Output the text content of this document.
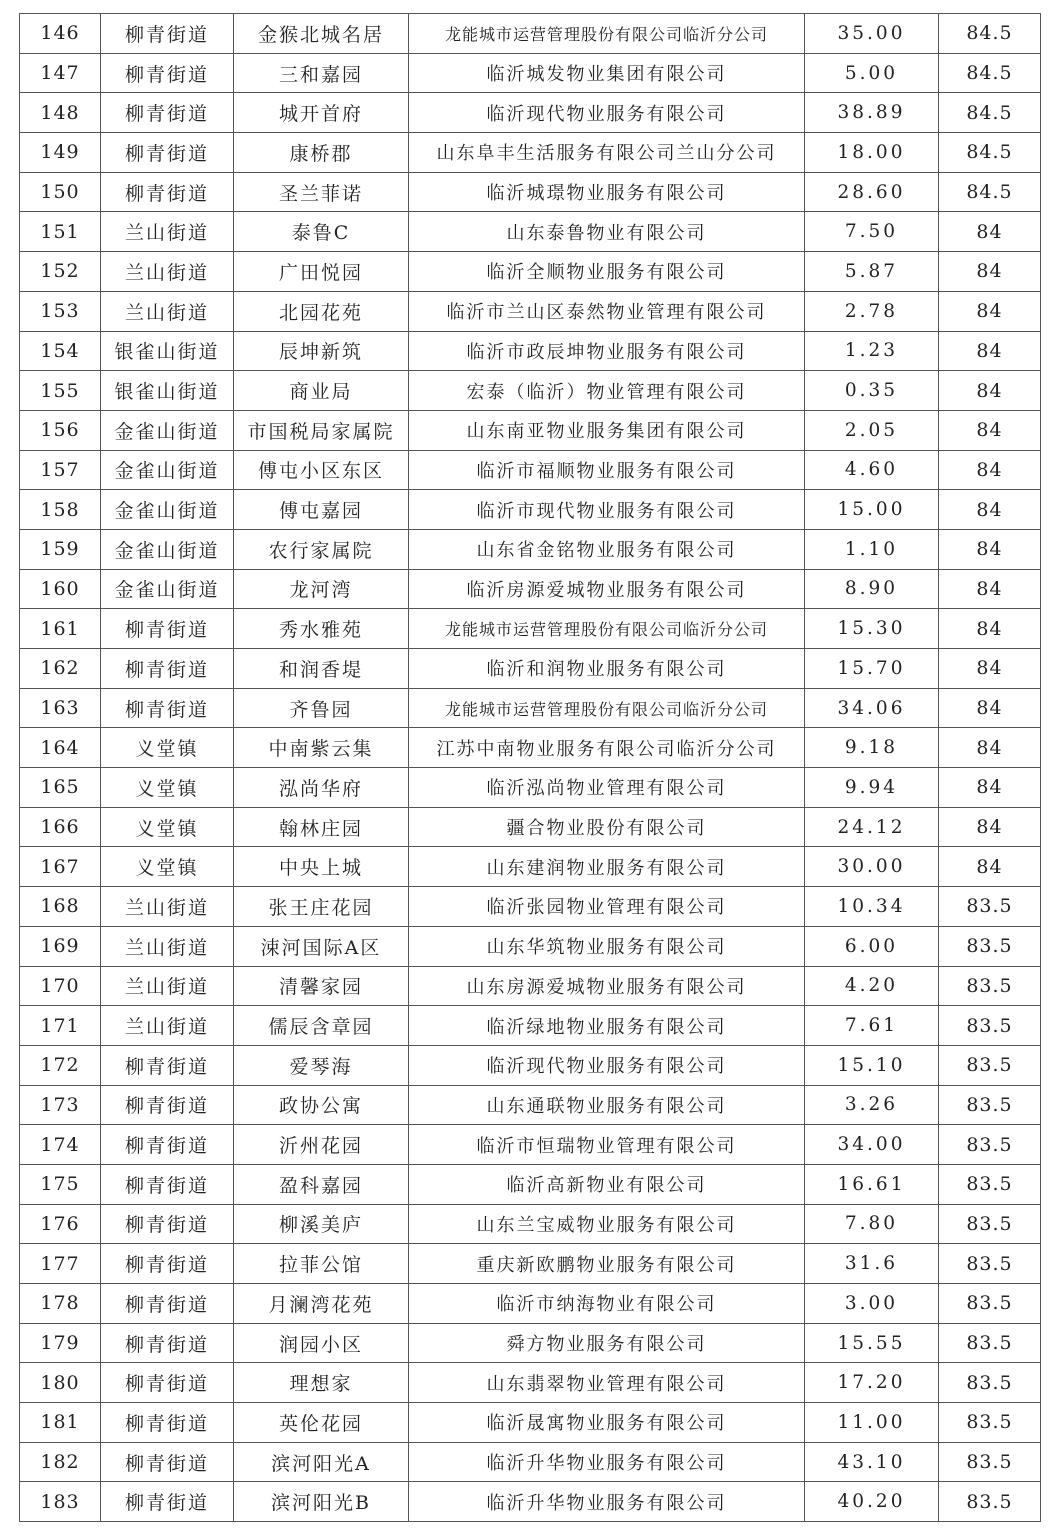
146	柳青街道	金猴北城名居	龙能城市运营管理股份有限公司临沂分公司	35.00	84.5
147	柳青街道	三和嘉园	临沂城发物业集团有限公司	5.00	84.5
148	柳青街道	城开首府	临沂现代物业服务有限公司	38.89	84.5
149	柳青街道	康桥郡	山东阜丰生活服务有限公司兰山分公司	18.00	84.5
150	柳青街道	圣兰菲诺	临沂城璟物业服务有限公司	28.60	84.5
151	兰山街道	泰鲁C	山东泰鲁物业有限公司	7.50	84
152	兰山街道	广田悦园	临沂全顺物业服务有限公司	5.87	84
153	兰山街道	北园花苑	临沂市兰山区泰然物业管理有限公司	2.78	84
154	银雀山街道	辰坤新筑	临沂市政辰坤物业服务有限公司	1.23	84
155	银雀山街道	商业局	宏泰（临沂）物业管理有限公司	0.35	84
156	金雀山街道	市国税局家属院	山东南亚物业服务集团有限公司	2.05	84
157	金雀山街道	傅屯小区东区	临沂市福顺物业服务有限公司	4.60	84
158	金雀山街道	傅屯嘉园	临沂市现代物业服务有限公司	15.00	84
159	金雀山街道	农行家属院	山东省金铭物业服务有限公司	1.10	84
160	金雀山街道	龙河湾	临沂房源爱城物业服务有限公司	8.90	84
161	柳青街道	秀水雅苑	龙能城市运营管理股份有限公司临沂分公司	15.30	84
162	柳青街道	和润香堤	临沂和润物业服务有限公司	15.70	84
163	柳青街道	齐鲁园	龙能城市运营管理股份有限公司临沂分公司	34.06	84
164	义堂镇	中南紫云集	江苏中南物业服务有限公司临沂分公司	9.18	84
165	义堂镇	泓尚华府	临沂泓尚物业管理有限公司	9.94	84
166	义堂镇	翰林庄园	疆合物业股份有限公司	24.12	84
167	义堂镇	中央上城	山东建润物业服务有限公司	30.00	84
168	兰山街道	张王庄花园	临沂张园物业管理有限公司	10.34	83.5
169	兰山街道	涑河国际A区	山东华筑物业服务有限公司	6.00	83.5
170	兰山街道	清馨家园	山东房源爱城物业服务有限公司	4.20	83.5
171	兰山街道	儒辰含章园	临沂绿地物业服务有限公司	7.61	83.5
172	柳青街道	爱琴海	临沂现代物业服务有限公司	15.10	83.5
173	柳青街道	政协公寓	山东通联物业服务有限公司	3.26	83.5
174	柳青街道	沂州花园	临沂市恒瑞物业管理有限公司	34.00	83.5
175	柳青街道	盈科嘉园	临沂高新物业有限公司	16.61	83.5
176	柳青街道	柳溪美庐	山东兰宝威物业服务有限公司	7.80	83.5
177	柳青街道	拉菲公馆	重庆新欧鹏物业服务有限公司	31.6	83.5
178	柳青街道	月澜湾花苑	临沂市纳海物业有限公司	3.00	83.5
179	柳青街道	润园小区	舜方物业服务有限公司	15.55	83.5
180	柳青街道	理想家	山东翡翠物业管理有限公司	17.20	83.5
181	柳青街道	英伦花园	临沂晟寓物业服务有限公司	11.00	83.5
182	柳青街道	滨河阳光A	临沂升华物业服务有限公司	43.10	83.5
183	柳青街道	滨河阳光B	临沂升华物业服务有限公司	40.20	83.5
